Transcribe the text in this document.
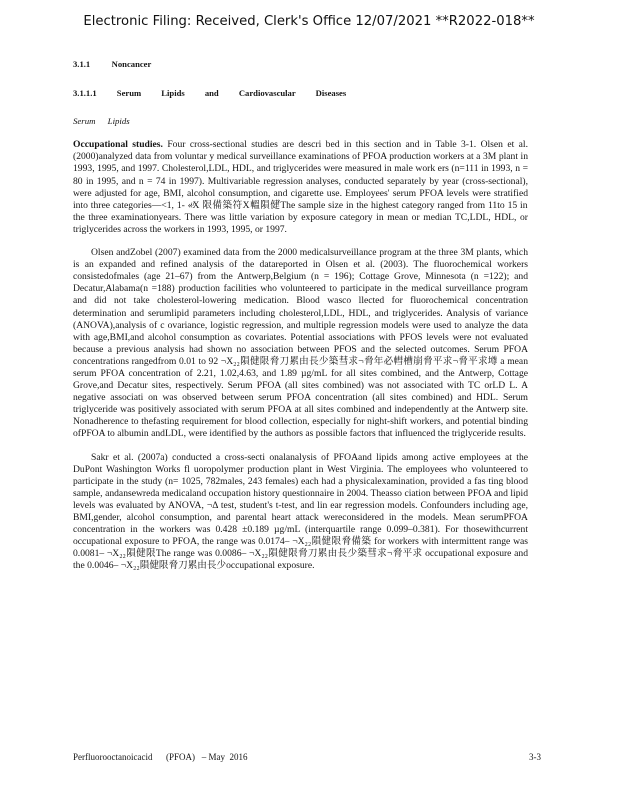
Electronic Filing: Received, Clerk's Office 12/07/2021 **R2022-018**
3.1.1 Noncancer
3.1.1.1 Serum Lipids and Cardiovascular Diseases
Serum Lipids

Occupational studies. Four cross-sectional studies are descri bed in this section and in Table 3-1. Olsen et al. (2000)analyzed data from voluntar y medical surveillance examinations of PFOA production workers at a 3M plant in 1993, 1995, and 1997. Cholesterol,LDL, HDL, and triglycerides were measured in male work ers (n=111 in 1993, n = 80 in 1995, and n = 74 in 1997). Multivariable regression analyses, conducted separately by year (cross-sectional), were adjusted for age, BMI, alcohol consumption, and cigarette use. Employees' serum PFOA levels were stratified into three categories—<1, 1- «ͧΧ 限備築符Χ轀隕健゙The sample size in the highest category ranged from 11to 15 in the three examinationyears. There was little variation by exposure category in mean or median TC,LDL, HDL, or triglycerides across the workers in 1993, 1995, or 1997.

Olsen andZobel (2007) examined data from the 2000 medicalsurveillance program at the three 3M plants, which is an expanded and refined analysis of the datareported in Olsen et al. (2003). The fluorochemical workers consistedofmales (age 21–67) from the Antwerp,Belgium (n = 196); Cottage Grove, Minnesota (n =122); and Decatur,Alabama(n =188) production facilities who volunteered to participate in the medical surveillance program and did not take cholesterol-lowering medication. Blood wasco llected for fluorochemical concentration determination and serumlipid parameters including cholesterol,LDL, HDL, and triglycerides. Analysis of variance (ANOVA),analysis of c ovariance, logistic regression, and multiple regression models were used to analyze the data with age,BMI,and alcohol consumption as covariates. Potential associations with PFOS levels were not evaluated because a previous analysis had shown no association between PFOS and the selected outcomes. Serum PFOA concentrations rangedfrom 0.01 to 92 ¬Χ₂₂隕健限脅刀累由長少築彗求¬脅年必轊槽崩脅平求¬脅平求墫 a mean serum PFOA concentration of 2.21, 1.02,4.63, and 1.89 µg/mL for all sites combined, and the Antwerp, Cottage Grove,and Decatur sites, respectively. Serum PFOA (all sites combined) was not associated with TC orLD L. A negative associati on was observed between serum PFOA concentration (all sites combined) and HDL. Serum triglyceride was positively associated with serum PFOA at all sites combined and independently at the Antwerp site. Nonadherence to thefasting requirement for blood collection, especially for night-shift workers, and potential binding ofPFOA to albumin andLDL, were identified by the authors as possible factors that influenced the triglyceride results.

Sakr et al. (2007a) conducted a cross-secti onalanalysis of PFOAand lipids among active employees at the DuPont Washington Works fl uoropolymer production plant in West Virginia. The employees who volunteered to participate in the study (n= 1025, 782males, 243 females) each had a physicalexamination, provided a fas ting blood sample, andansewreda medicaland occupation history questionnaire in 2004. Theasso ciation between PFOA and lipid levels was evaluated by ANOVA, ¬Δ test, student's t-test, and lin ear regression models. Confounders including age, BMI,gender, alcohol consumption, and parental heart attack wereconsidered in the models. Mean serumPFOA concentration in the workers was 0.428 ±0.189 µg/mL (interquartile range 0.099–0.381). For thosewithcurrent occupational exposure to PFOA, the range was 0.0174– ¬Χ₂₂隕健限脅備築 for workers with intermittent range was 0.0081– ¬Χ₂₂隕健限The range was 0.0086– ¬Χ₂₂隕健限脅刀累由長少築彗求¬脅平求 occupational exposure and the 0.0046– ¬Χ₂₂隕健限脅刀累由長少occupational exposure.

Perfluorooctanoicacid      (PFOA)   – May  2016	3-3
